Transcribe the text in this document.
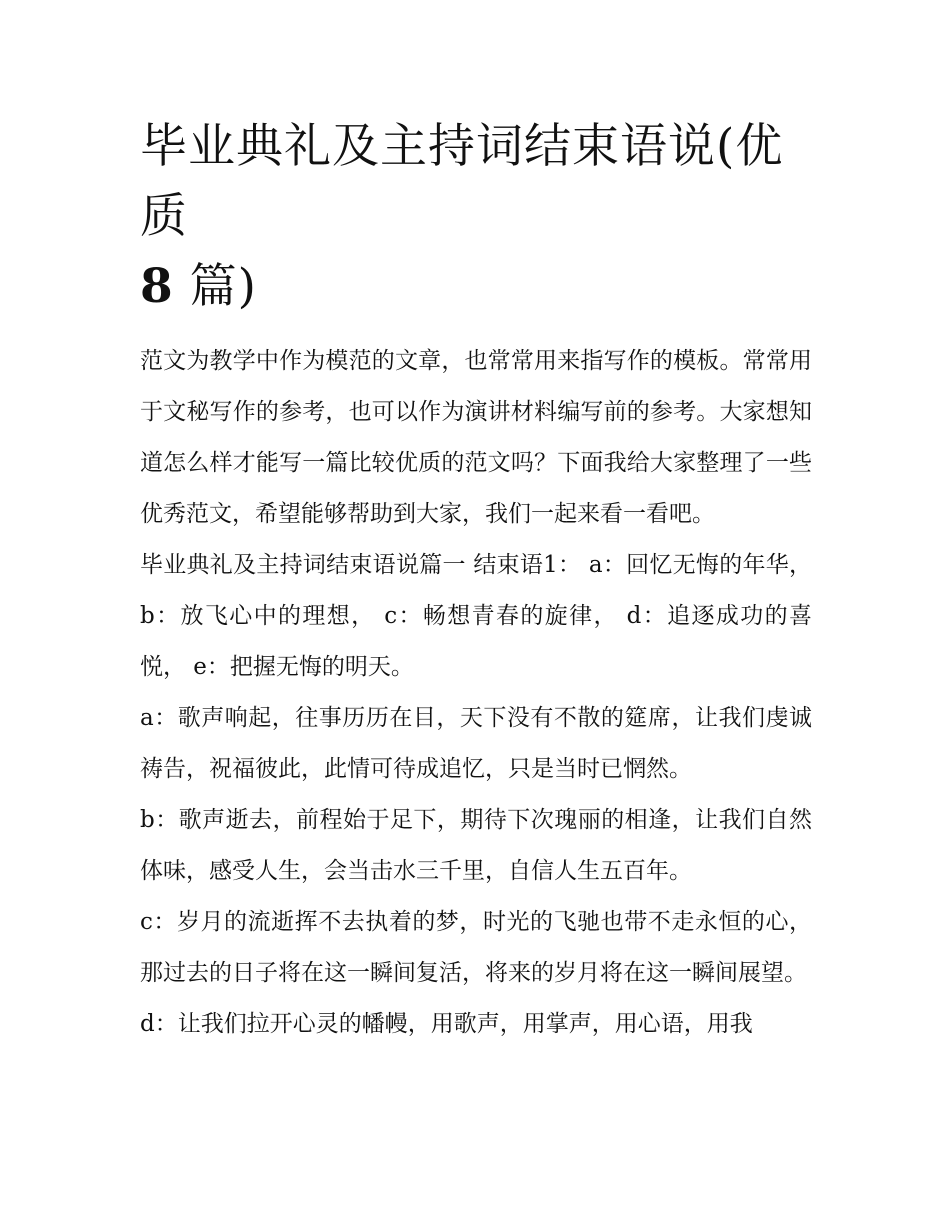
毕业典礼及主持词结束语说(优质
8 篇)

范文为教学中作为模范的文章，也常常用来指写作的模板。常常用于文秘写作的参考，也可以作为演讲材料编写前的参考。大家想知道怎么样才能写一篇比较优质的范文吗？下面我给大家整理了一些优秀范文，希望能够帮助到大家，我们一起来看一看吧。

毕业典礼及主持词结束语说篇一 结束语1： a：回忆无悔的年华， b：放飞心中的理想， c：畅想青春的旋律， d：追逐成功的喜悦， e：把握无悔的明天。

a：歌声响起，往事历历在目，天下没有不散的筵席，让我们虔诚祷告，祝福彼此，此情可待成追忆，只是当时已惘然。

b：歌声逝去，前程始于足下，期待下次瑰丽的相逢，让我们自然体味，感受人生，会当击水三千里，自信人生五百年。

c：岁月的流逝挥不去执着的梦，时光的飞驰也带不走永恒的心，那过去的日子将在这一瞬间复活，将来的岁月将在这一瞬间展望。

d：让我们拉开心灵的幡幔，用歌声，用掌声，用心语，用我
